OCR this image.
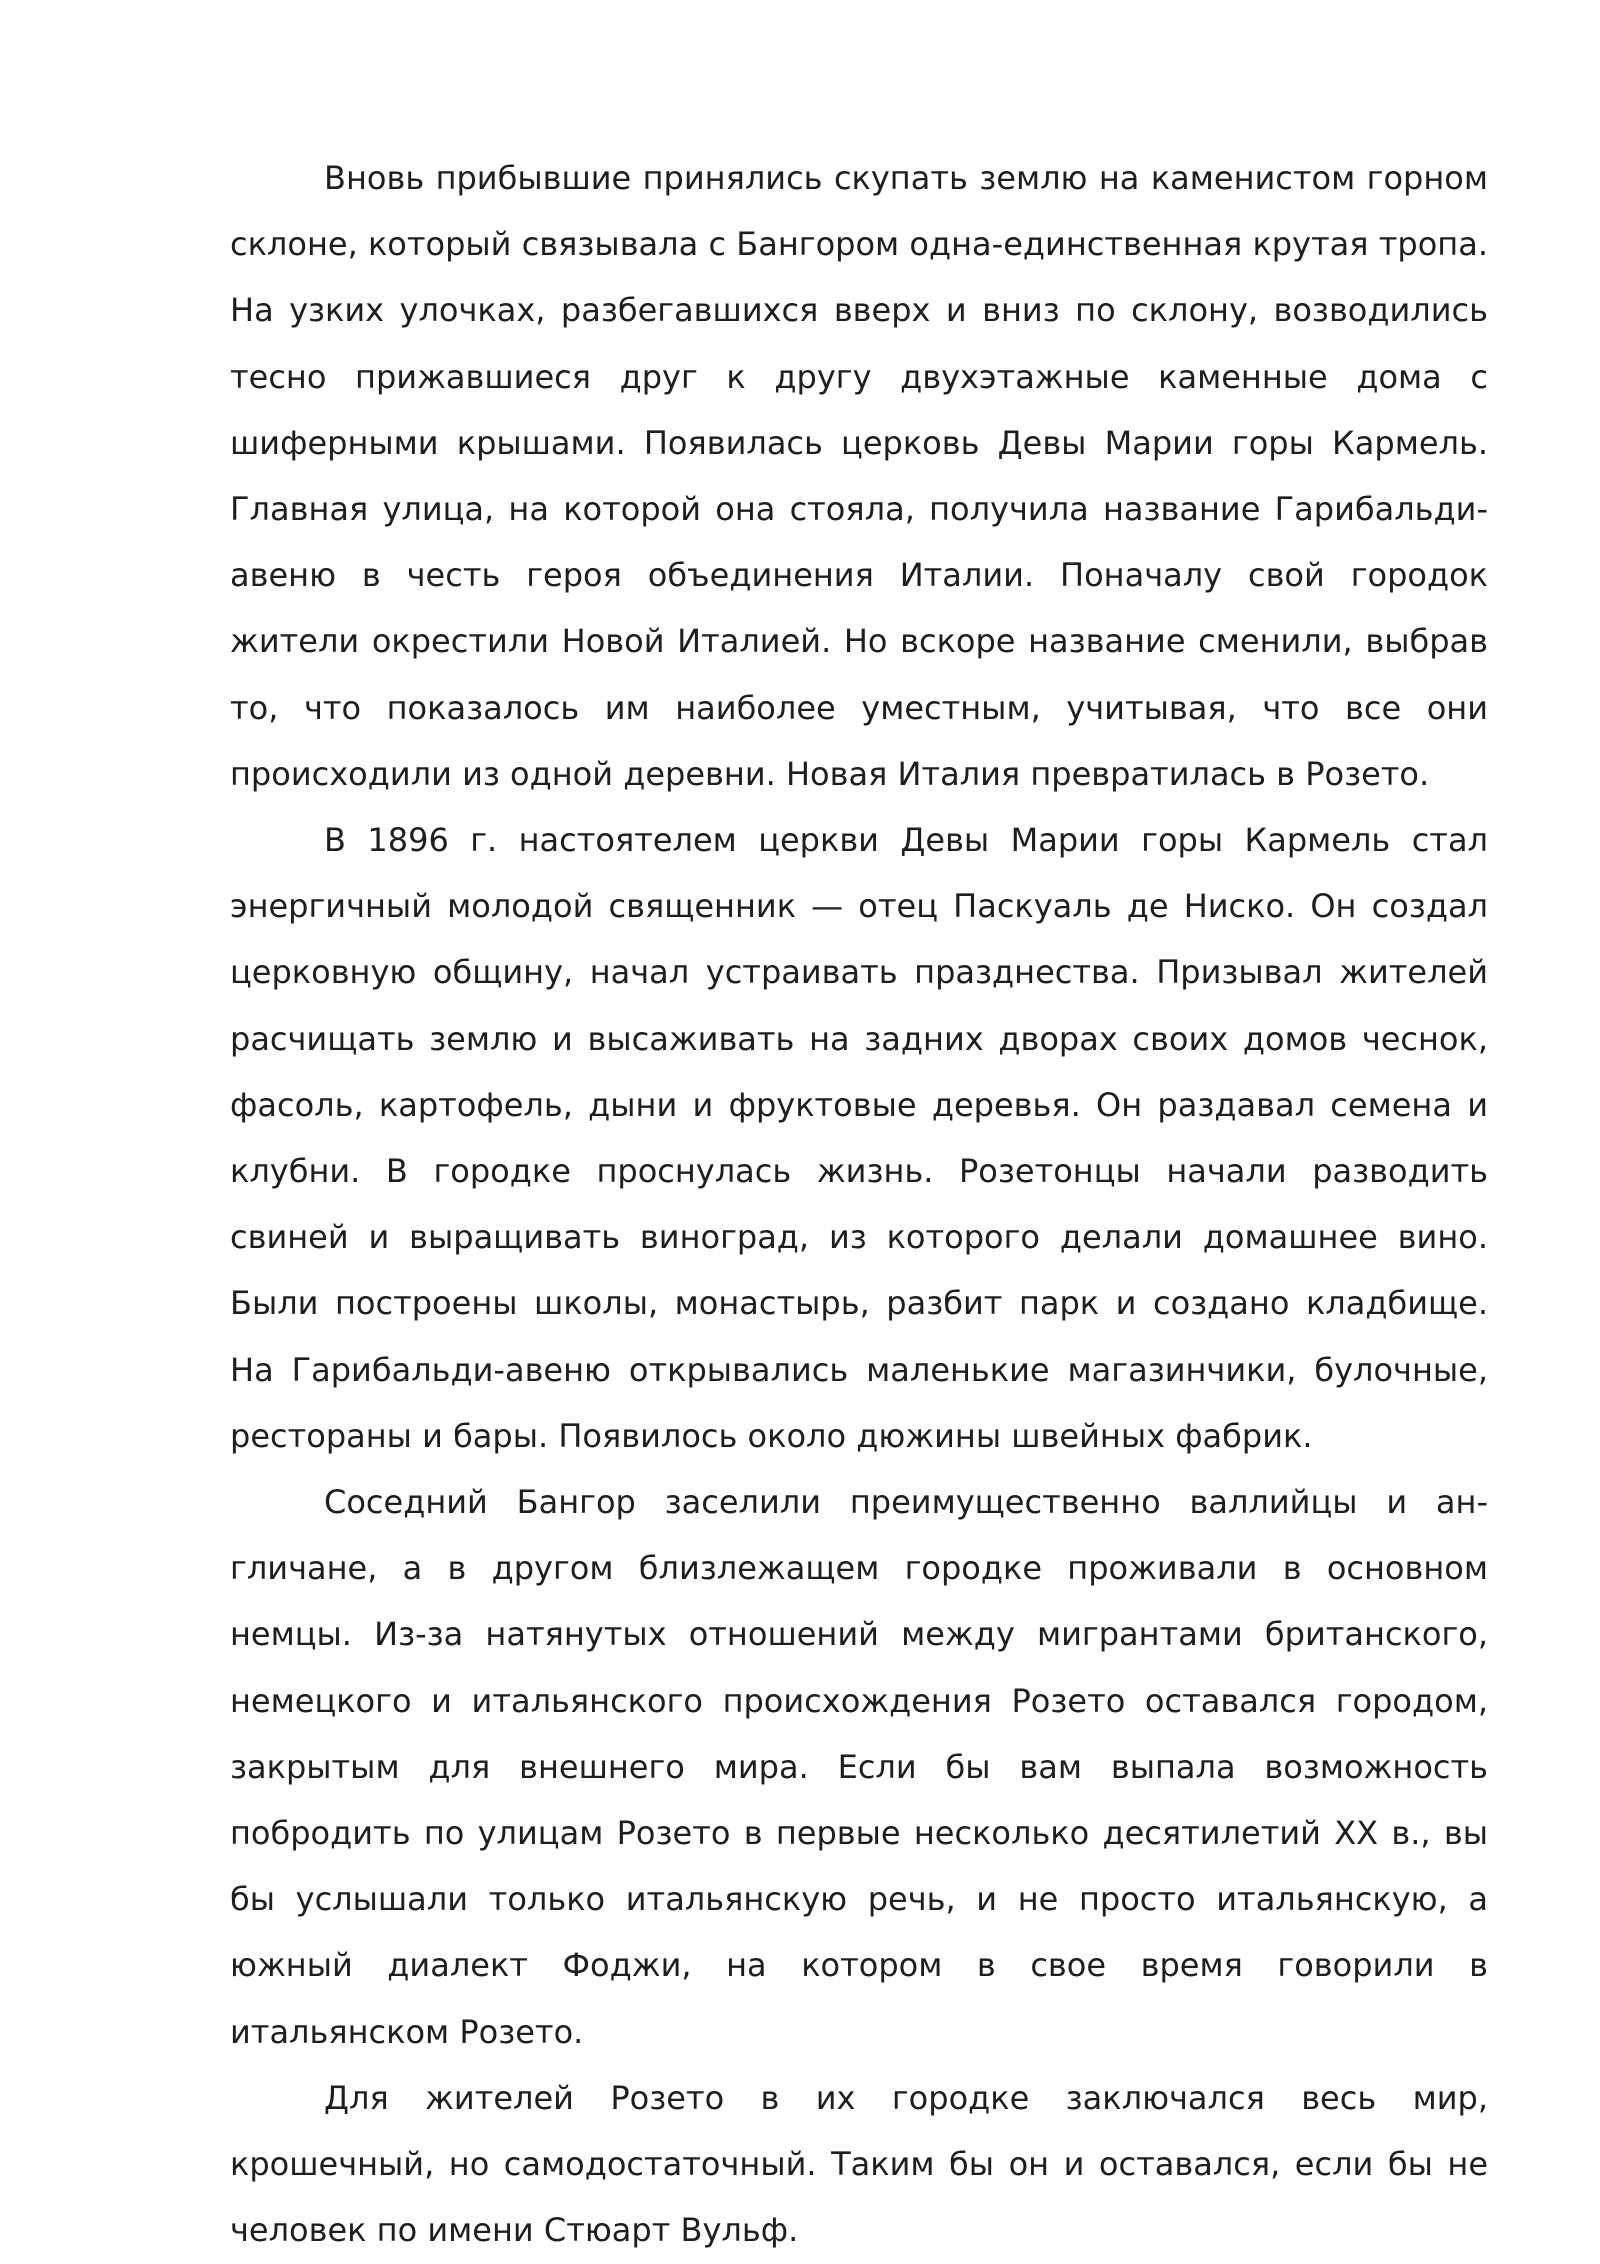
Вновь прибывшие принялись скупать землю на каменистом горном склоне, который связывала с Бангором одна-единственная крутая тропа. На узких улочках, разбегавшихся вверх и вниз по склону, возводились тесно прижавшиеся друг к другу двухэтажные каменные дома с шиферными крышами. Появилась церковь Девы Марии горы Кармель. Главная улица, на которой она стояла, получила название Гарибальди- авеню в честь героя объединения Италии. Поначалу свой городок жители окрестили Новой Италией. Но вскоре название сменили, выбрав то, что показалось им наиболее уместным, учитывая, что все они происходили из одной деревни. Новая Италия превратилась в Розето.

В 1896 г. настоятелем церкви Девы Марии горы Кармель стал энергичный молодой священник — отец Паскуаль де Ниско. Он создал церковную общину, начал устраивать празднества. Призывал жителей расчищать землю и высаживать на задних дворах своих домов чеснок, фасоль, картофель, дыни и фруктовые деревья. Он раздавал семена и клубни. В городке проснулась жизнь. Розетонцы начали разводить свиней и выращивать виноград, из которого делали домашнее вино. Были построены школы, монастырь, разбит парк и создано кладбище. На Гарибальди-авеню открывались маленькие магазинчики, булочные, рестораны и бары. Появилось около дюжины швейных фабрик.

Соседний Бангор заселили преимущественно валлийцы и ан- гличане, а в другом близлежащем городке проживали в основном немцы. Из-за натянутых отношений между мигрантами британского, немецкого и итальянского происхождения Розето оставался городом, закрытым для внешнего мира. Если бы вам выпала возможность побродить по улицам Розето в первые несколько десятилетий XX в., вы бы услышали только итальянскую речь, и не просто итальянскую, а южный диалект Фоджи, на котором в свое время говорили в итальянском Розето.

Для жителей Розето в их городке заключался весь мир, крошечный, но самодостаточный. Таким бы он и оставался, если бы не человек по имени Стюарт Вульф.
